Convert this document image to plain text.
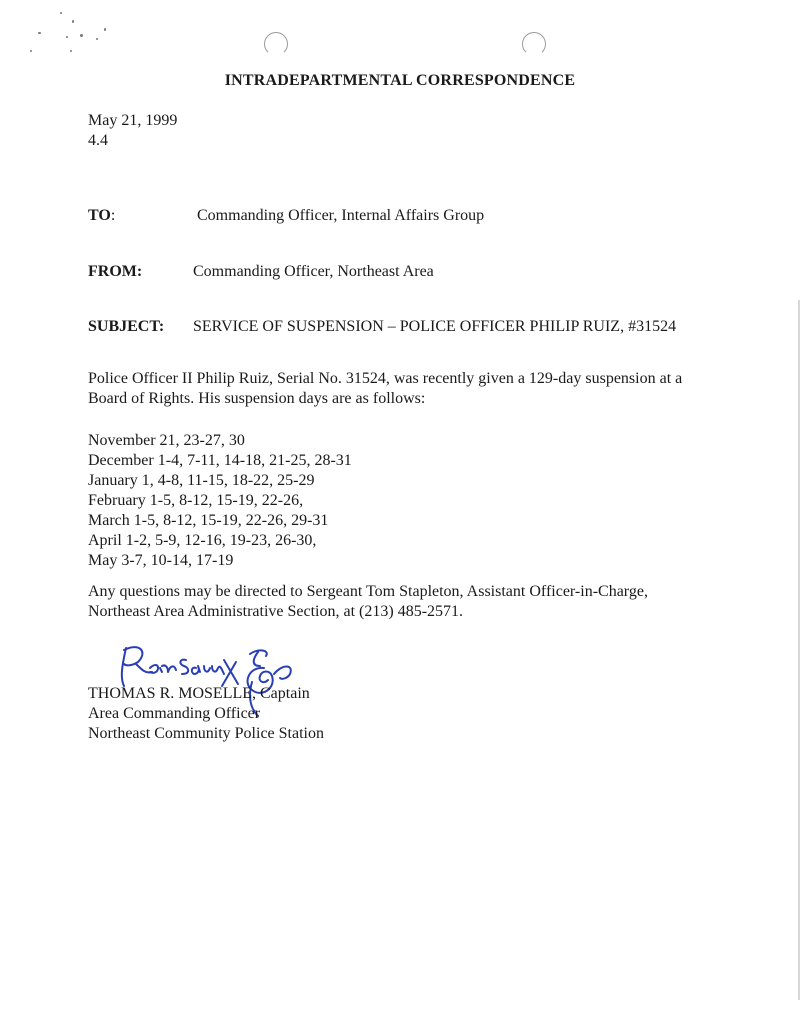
INTRADEPARTMENTAL CORRESPONDENCE
May 21, 1999
4.4
TO:	Commanding Officer, Internal Affairs Group
FROM:	Commanding Officer, Northeast Area
SUBJECT: SERVICE OF SUSPENSION – POLICE OFFICER PHILIP RUIZ, #31524
Police Officer II Philip Ruiz, Serial No. 31524, was recently given a 129-day suspension at a
Board of Rights. His suspension days are as follows:
November 21, 23-27, 30
December 1-4, 7-11, 14-18, 21-25, 28-31
January 1, 4-8, 11-15, 18-22, 25-29
February 1-5, 8-12, 15-19, 22-26,
March 1-5, 8-12, 15-19, 22-26, 29-31
April 1-2, 5-9, 12-16, 19-23, 26-30,
May 3-7, 10-14, 17-19
Any questions may be directed to Sergeant Tom Stapleton, Assistant Officer-in-Charge,
Northeast Area Administrative Section, at (213) 485-2571.
THOMAS R. MOSELLE, Captain
Area Commanding Officer
Northeast Community Police Station
